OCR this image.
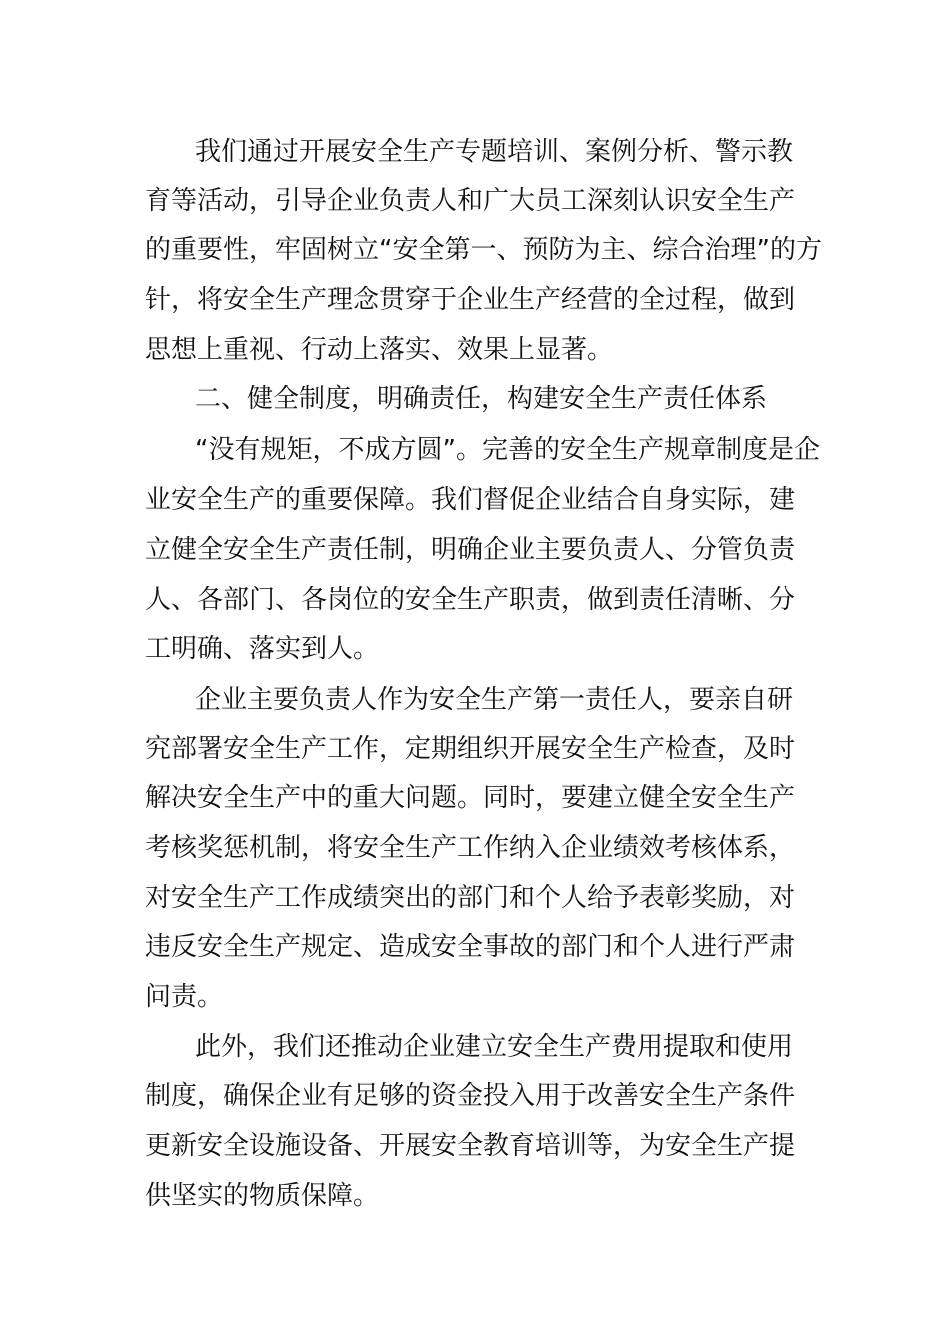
我们通过开展安全生产专题培训、案例分析、警示教
育等活动，引导企业负责人和广大员工深刻认识安全生产
的重要性，牢固树立“安全第一、预防为主、综合治理”的方
针，将安全生产理念贯穿于企业生产经营的全过程，做到
思想上重视、行动上落实、效果上显著。
二、健全制度，明确责任，构建安全生产责任体系
“没有规矩，不成方圆”。完善的安全生产规章制度是企
业安全生产的重要保障。我们督促企业结合自身实际，建
立健全安全生产责任制，明确企业主要负责人、分管负责
人、各部门、各岗位的安全生产职责，做到责任清晰、分
工明确、落实到人。
企业主要负责人作为安全生产第一责任人，要亲自研
究部署安全生产工作，定期组织开展安全生产检查，及时
解决安全生产中的重大问题。同时，要建立健全安全生产
考核奖惩机制，将安全生产工作纳入企业绩效考核体系，
对安全生产工作成绩突出的部门和个人给予表彰奖励，对
违反安全生产规定、造成安全事故的部门和个人进行严肃
问责。
此外，我们还推动企业建立安全生产费用提取和使用
制度，确保企业有足够的资金投入用于改善安全生产条件
更新安全设施设备、开展安全教育培训等，为安全生产提
供坚实的物质保障。
